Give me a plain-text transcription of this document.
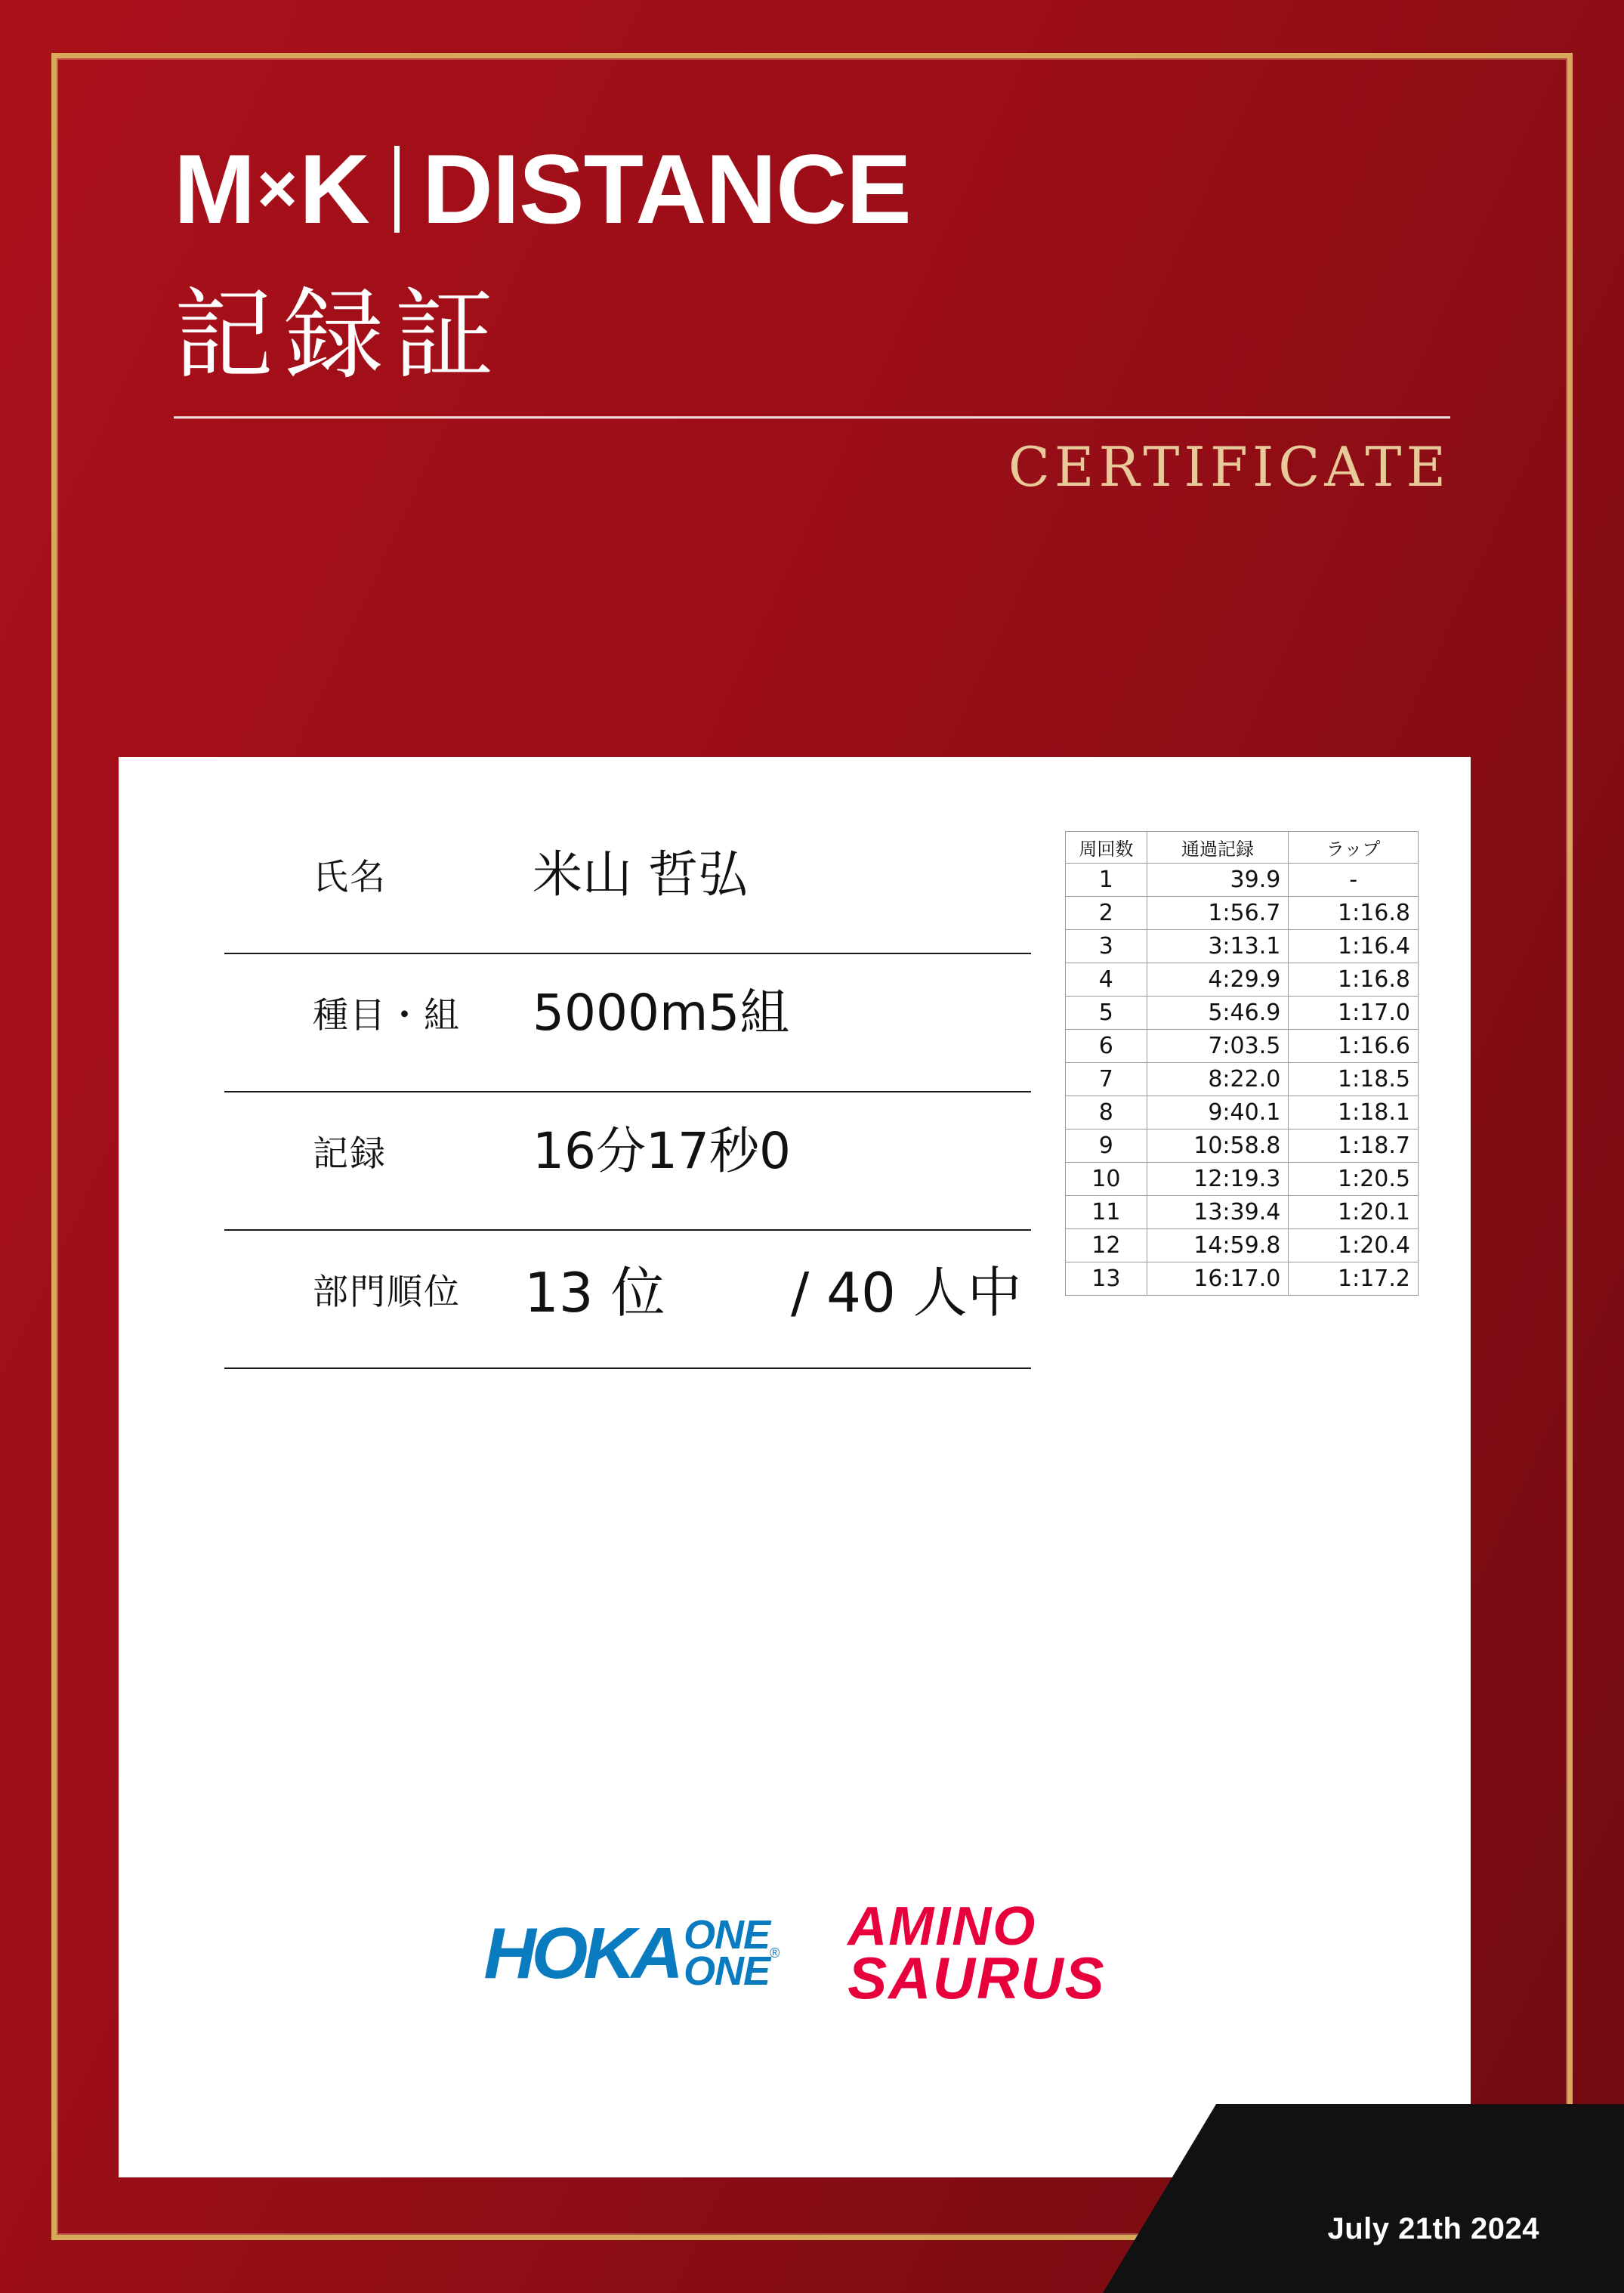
M × K DISTANCE
記録証
CERTIFICATE
氏名	米山 哲弘
種目・組 5000m5組
記録	16分17秒0
部門順位 13 位 / 40 人中
周回数	通過記録	ラップ
1	39.9	-
2	1:56.7	1:16.8
3	3:13.1	1:16.4
4	4:29.9	1:16.8
5	5:46.9	1:17.0
6	7:03.5	1:16.6
7	8:22.0	1:18.5
8	9:40.1	1:18.1
9	10:58.8	1:18.7
10	12:19.3	1:20.5
11	13:39.4	1:20.1
12	14:59.8	1:20.4
13	16:17.0	1:17.2
HOKA ONE
ONE ® AMINO
SAURUS
July 21th 2024
